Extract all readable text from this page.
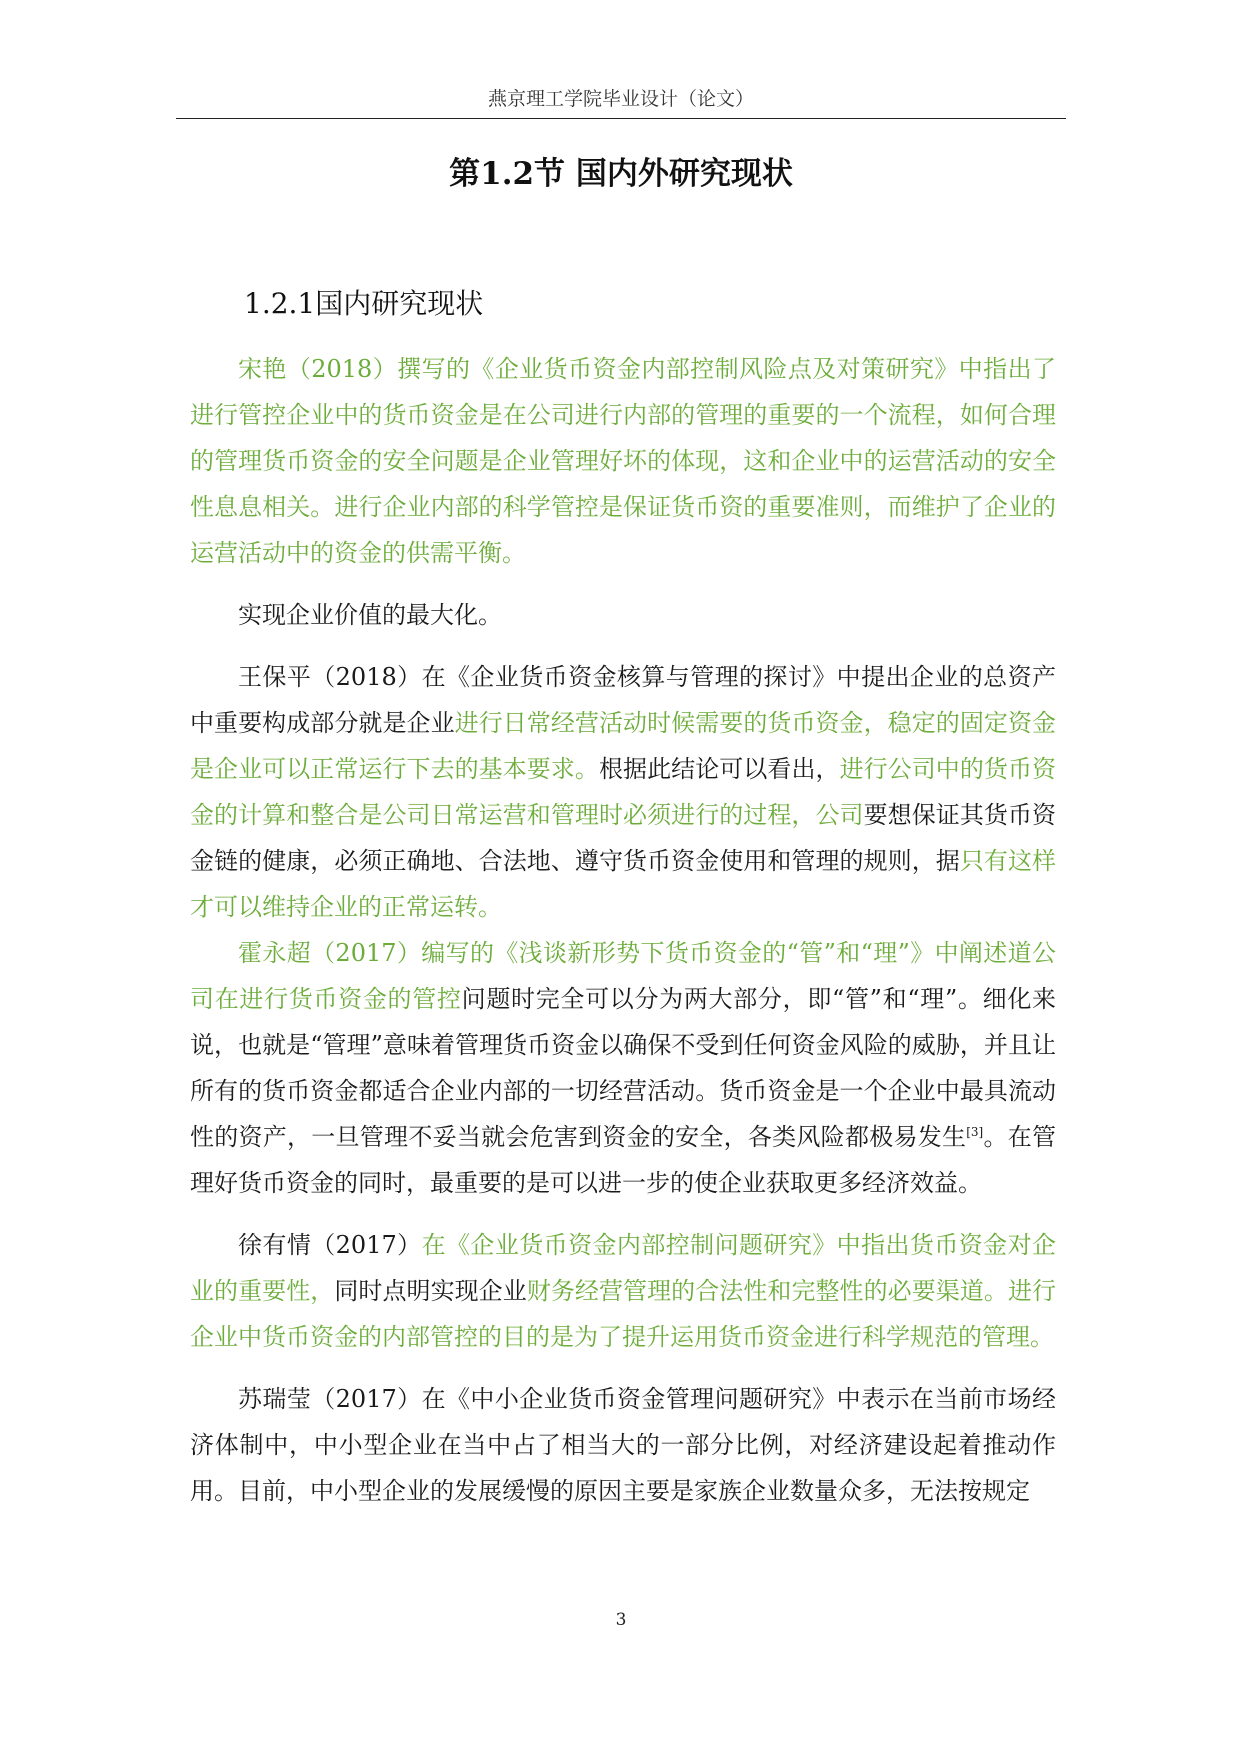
燕京理工学院毕业设计（论文）
第1.2节 国内外研究现状
1.2.1国内研究现状

宋艳（2018）撰写的《企业货币资金内部控制风险点及对策研究》中指出了进行管控企业中的货币资金是在公司进行内部的管理的重要的一个流程，如何合理的管理货币资金的安全问题是企业管理好坏的体现，这和企业中的运营活动的安全性息息相关。进行企业内部的科学管控是保证货币资的重要准则，而维护了企业的运营活动中的资金的供需平衡。

实现企业价值的最大化。

王保平（2018）在《企业货币资金核算与管理的探讨》中提出企业的总资产中重要构成部分就是企业进行日常经营活动时候需要的货币资金，稳定的固定资金是企业可以正常运行下去的基本要求。根据此结论可以看出，进行公司中的货币资金的计算和整合是公司日常运营和管理时必须进行的过程，公司要想保证其货币资金链的健康，必须正确地、合法地、遵守货币资金使用和管理的规则，据只有这样才可以维持企业的正常运转。

霍永超（2017）编写的《浅谈新形势下货币资金的“管”和“理”》中阐述道公司在进行货币资金的管控问题时完全可以分为两大部分，即“管”和“理”。细化来说，也就是“管理”意味着管理货币资金以确保不受到任何资金风险的威胁，并且让所有的货币资金都适合企业内部的一切经营活动。货币资金是一个企业中最具流动性的资产，一旦管理不妥当就会危害到资金的安全，各类风险都极易发生[3]。在管理好货币资金的同时，最重要的是可以进一步的使企业获取更多经济效益。

徐有情（2017）在《企业货币资金内部控制问题研究》中指出货币资金对企业的重要性，同时点明实现企业财务经营管理的合法性和完整性的必要渠道。进行企业中货币资金的内部管控的目的是为了提升运用货币资金进行科学规范的管理。

苏瑞莹（2017）在《中小企业货币资金管理问题研究》中表示在当前市场经济体制中，中小型企业在当中占了相当大的一部分比例，对经济建设起着推动作用。目前，中小型企业的发展缓慢的原因主要是家族企业数量众多，无法按规定

3
